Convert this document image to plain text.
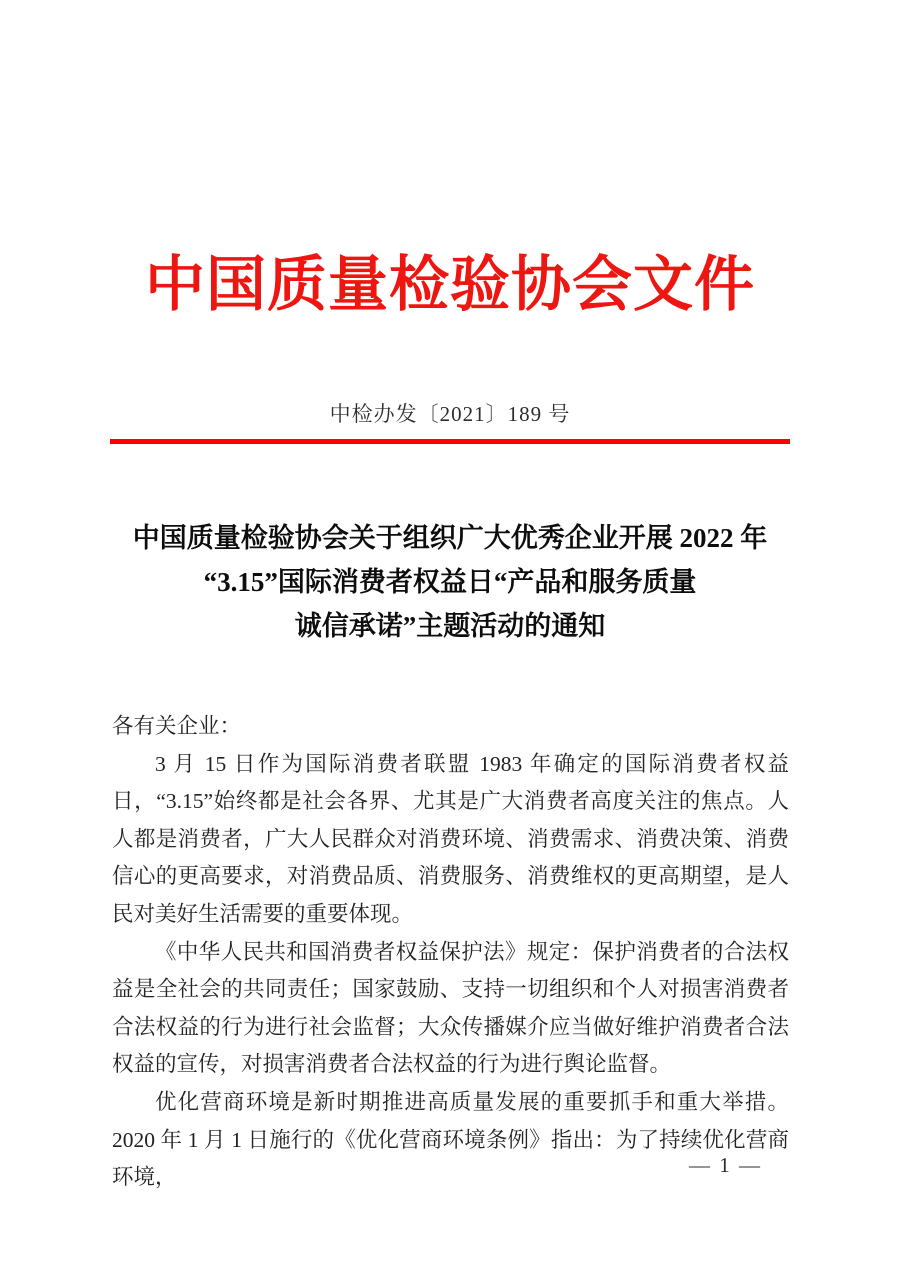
中国质量检验协会文件
中检办发〔2021〕189 号
中国质量检验协会关于组织广大优秀企业开展 2022 年
“3.15”国际消费者权益日“产品和服务质量
诚信承诺”主题活动的通知

各有关企业：

3 月 15 日作为国际消费者联盟 1983 年确定的国际消费者权益日，“3.15”始终都是社会各界、尤其是广大消费者高度关注的焦点。人人都是消费者，广大人民群众对消费环境、消费需求、消费决策、消费信心的更高要求，对消费品质、消费服务、消费维权的更高期望，是人民对美好生活需要的重要体现。

《中华人民共和国消费者权益保护法》规定：保护消费者的合法权益是全社会的共同责任；国家鼓励、支持一切组织和个人对损害消费者合法权益的行为进行社会监督；大众传播媒介应当做好维护消费者合法权益的宣传，对损害消费者合法权益的行为进行舆论监督。

优化营商环境是新时期推进高质量发展的重要抓手和重大举措。2020 年 1 月 1 日施行的《优化营商环境条例》指出：为了持续优化营商环境，

— 1 —
